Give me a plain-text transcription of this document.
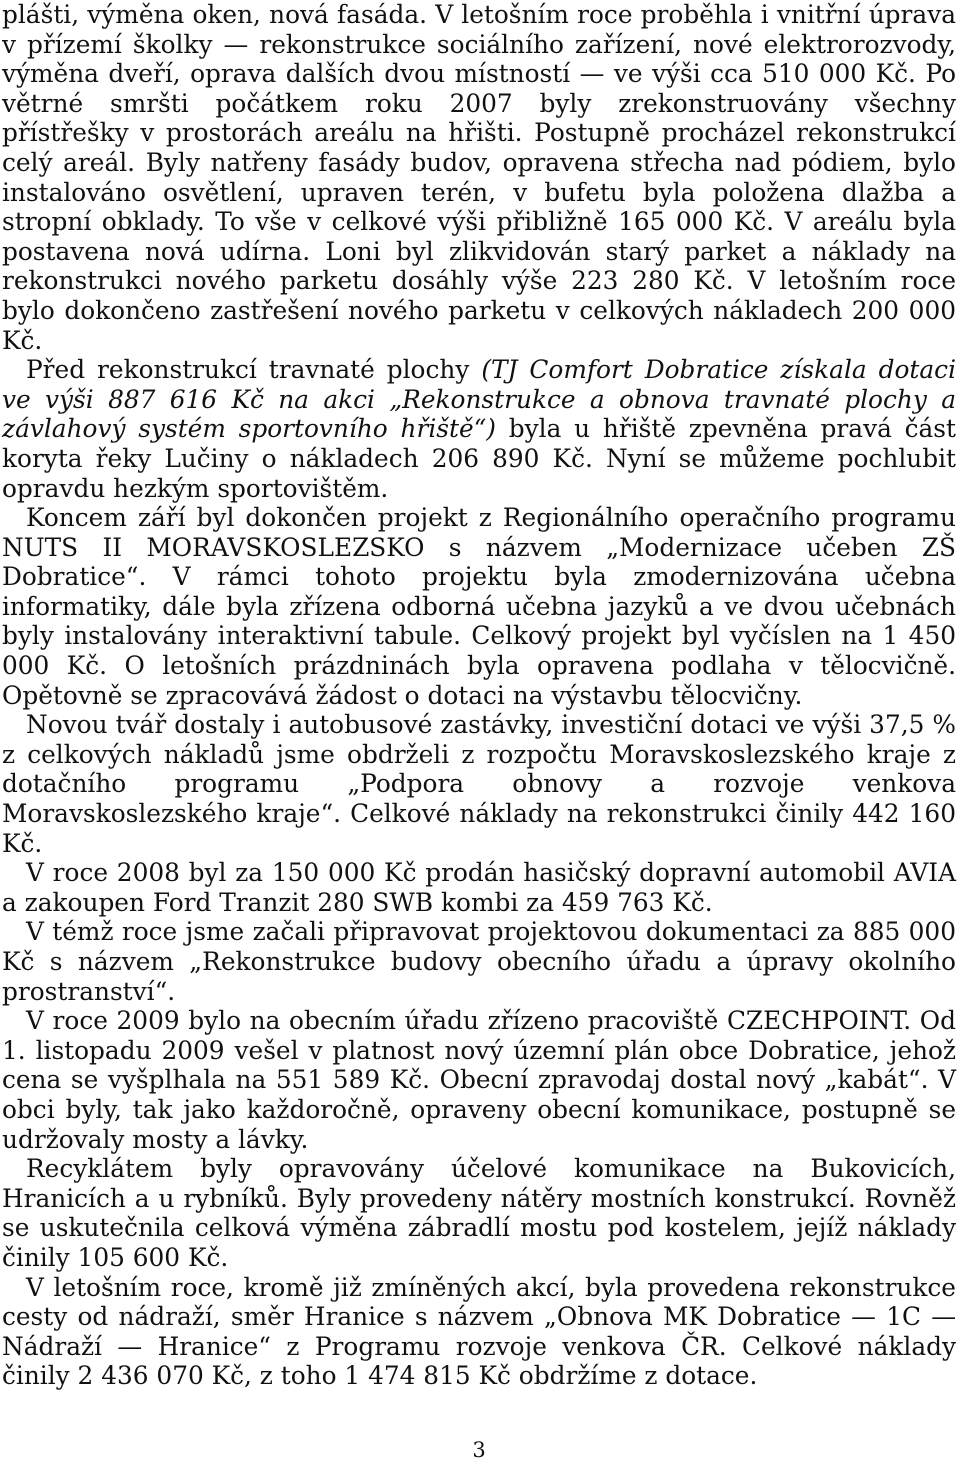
plášti, výměna oken, nová fasáda. V letošním roce proběhla i vnitřní úprava v přízemí školky — rekonstrukce sociálního zařízení, nové elektrorozvody, výměna dveří, oprava dalších dvou místností — ve výši cca 510 000 Kč. Po větrné smršti počátkem roku 2007 byly zrekonstruovány všechny přístřešky v prostorách areálu na hřišti. Postupně procházel rekonstrukcí celý areál. Byly natřeny fasády budov, opravena střecha nad pódiem, bylo instalováno osvětlení, upraven terén, v bufetu byla položena dlažba a stropní obklady. To vše v celkové výši přibližně 165 000 Kč. V areálu byla postavena nová udírna. Loni byl zlikvidován starý parket a náklady na rekonstrukci nového parketu dosáhly výše 223 280 Kč. V letošním roce bylo dokončeno zastřešení nového parketu v celkových nákladech 200 000 Kč.

Před rekonstrukcí travnaté plochy (TJ Comfort Dobratice získala dotaci ve výši 887 616 Kč na akci „Rekonstrukce a obnova travnaté plochy a závlahový systém sportovního hřiště“) byla u hřiště zpevněna pravá část koryta řeky Lučiny o nákladech 206 890 Kč. Nyní se můžeme pochlubit opravdu hezkým sportovištěm.

Koncem září byl dokončen projekt z Regionálního operačního programu NUTS II MORAVSKOSLEZSKO s názvem „Modernizace učeben ZŠ Dobratice“. V rámci tohoto projektu byla zmodernizována učebna informatiky, dále byla zřízena odborná učebna jazyků a ve dvou učebnách byly instalovány interaktivní tabule. Celkový projekt byl vyčíslen na 1 450 000 Kč. O letošních prázdninách byla opravena podlaha v tělocvičně. Opětovně se zpracovává žádost o dotaci na výstavbu tělocvičny.

Novou tvář dostaly i autobusové zastávky, investiční dotaci ve výši 37,5 % z celkových nákladů jsme obdrželi z rozpočtu Moravskoslezského kraje z dotačního programu „Podpora obnovy a rozvoje venkova Moravskoslezského kraje“. Celkové náklady na rekonstrukci činily 442 160 Kč.

V roce 2008 byl za 150 000 Kč prodán hasičský dopravní automobil AVIA a zakoupen Ford Tranzit 280 SWB kombi za 459 763 Kč.

V témž roce jsme začali připravovat projektovou dokumentaci za 885 000 Kč s názvem „Rekonstrukce budovy obecního úřadu a úpravy okolního prostranství“.

V roce 2009 bylo na obecním úřadu zřízeno pracoviště CZECHPOINT. Od 1. listopadu 2009 vešel v platnost nový územní plán obce Dobratice, jehož cena se vyšplhala na 551 589 Kč. Obecní zpravodaj dostal nový „kabát“. V obci byly, tak jako každoročně, opraveny obecní komunikace, postupně se udržovaly mosty a lávky.

Recyklátem byly opravovány účelové komunikace na Bukovicích, Hranicích a u rybníků. Byly provedeny nátěry mostních konstrukcí. Rovněž se uskutečnila celková výměna zábradlí mostu pod kostelem, jejíž náklady činily 105 600 Kč.

V letošním roce, kromě již zmíněných akcí, byla provedena rekonstrukce cesty od nádraží, směr Hranice s názvem „Obnova MK Dobratice — 1C — Nádraží — Hranice“ z Programu rozvoje venkova ČR. Celkové náklady činily 2 436 070 Kč, z toho 1 474 815 Kč obdržíme z dotace.

3
